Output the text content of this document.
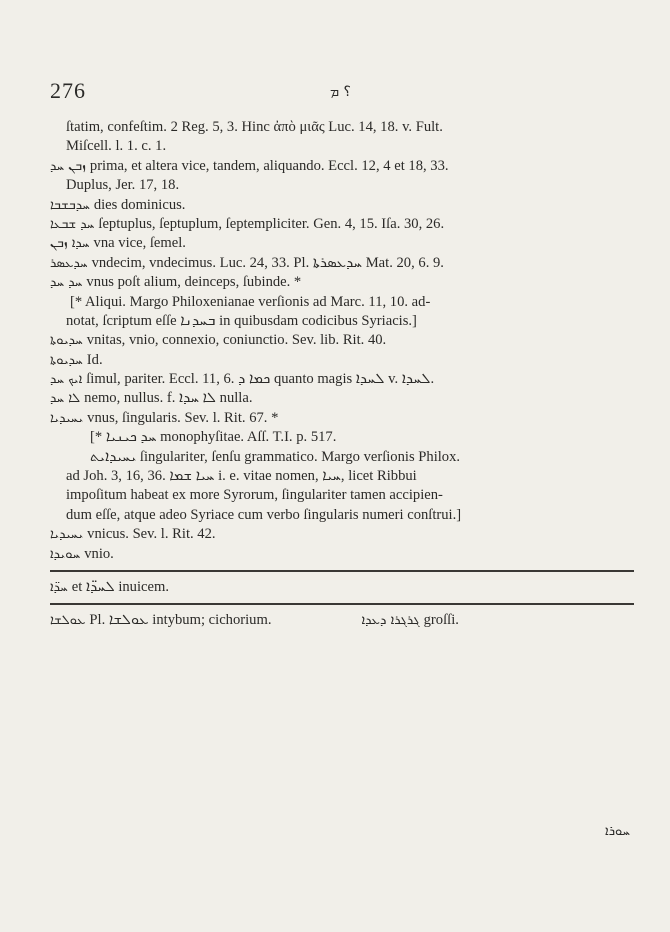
276	؟ ܡ
ſtatim, confeſtim. 2 Reg. 5, 3. Hinc ἀπὸ μιᾶς Luc. 14, 18. v. Fult.
Miſcell. l. 1. c. 1.
ܙܒܢ ܚܕ prima, et altera vice, tandem, aliquando. Eccl. 12, 4 et 18, 33.
Duplus, Jer. 17, 18.
ܚܕܒܫܒܐ dies dominicus.
ܚܕ ܫܒܥܐ ſeptuplus, ſeptuplum, ſeptempliciter. Gen. 4, 15. Iſa. 30, 26.
ܚܕܐ ܙܒܢ vna vice, ſemel.
ܚܕܥܣܪ vndecim, vndecimus. Luc. 24, 33. Pl. ܚܕܥܣܪܬܐ Mat. 20, 6. 9.
ܚܕ ܚܕ vnus poſt alium, deinceps, ſubinde. *
[* Aliqui. Margo Philoxenianae verſionis ad Marc. 11, 10. ad-
notat, ſcriptum eſſe ܒܚܕܢܐ in quibusdam codicibus Syriacis.]
ܚܕܝܘܬܐ vnitas, vnio, connexio, coniunctio. Sev. lib. Rit. 40.
ܚܕܝܘܬܐ Id.
ܐܝܟ ܚܕ ſimul, pariter. Eccl. 11, 6. ܟܡܐ ܕ quanto magis ܠܚܕܐ v. ܠܚܕܐ.
ܠܐ ܚܕ nemo, nullus. f. ܠܐ ܚܕܐ nulla.
ܝܚܝܕܝܐ vnus, ſingularis. Sev. l. Rit. 67. *
[* ܚܕ ܟܝܢܝܐ monophyſitae. Aſſ. T.I. p. 517.
ܝܚܝܕܐܝܬ ſingulariter, ſenſu grammatico. Margo verſionis Philox.
ad Joh. 3, 16, 36. ܚܝܐ ܫܡܐ i. e. vitae nomen, ܚܝܐ, licet Ribbui
impoſitum habeat ex more Syrorum, ſingulariter tamen accipien-
dum eſſe, atque adeo Syriace cum verbo ſingularis numeri conſtrui.]
ܝܚܝܕܝܐ vnicus. Sev. l. Rit. 42.
ܚܘܝܕܐ vnio.
ܚܕ̈ܐ et ܠܚܕ̈ܐ inuicem.
ܥܘܠܫܐ Pl. ܥܘܠܫܐ intybum; cichorium.	ܓܪܓܪܐ ܕܥܕܐ groſſi.
ܚܘܪܐ
